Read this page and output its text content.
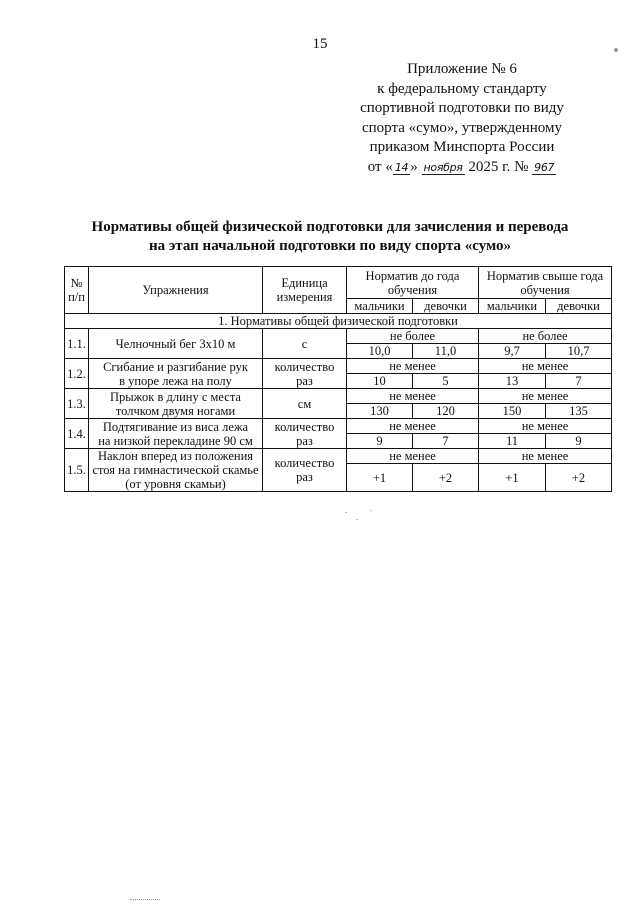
15
Приложение № 6
к федеральному стандарту
спортивной подготовки по виду
спорта «сумо», утвержденному
приказом Минспорта России
от « 14 » ноября 2025 г. № 967
Нормативы общей физической подготовки для зачисления и перевода
на этап начальной подготовки по виду спорта «сумо»
№ п/п	Упражнения	Единица измерения	Норматив до года обучения		Норматив свыше года обучения	
			мальчики	девочки	мальчики	девочки
1. Нормативы общей физической подготовки						
1.1.	Челночный бег 3х10 м	с	не более		не более	
			10,0	11,0	9,7	10,7
1.2.	Сгибание и разгибание рук
в упоре лежа на полу	количество раз	не менее		не менее	
			10	5	13	7
1.3.	Прыжок в длину с места
толчком двумя ногами	см	не менее		не менее	
			130	120	150	135
1.4.	Подтягивание из виса лежа
на низкой перекладине 90 см	количество раз	не менее		не менее	
			9	7	11	9
1.5.	Наклон вперед из положения
стоя на гимнастической скамье
(от уровня скамьи)	количество раз	не менее		не менее	
			+1	+2	+1	+2
